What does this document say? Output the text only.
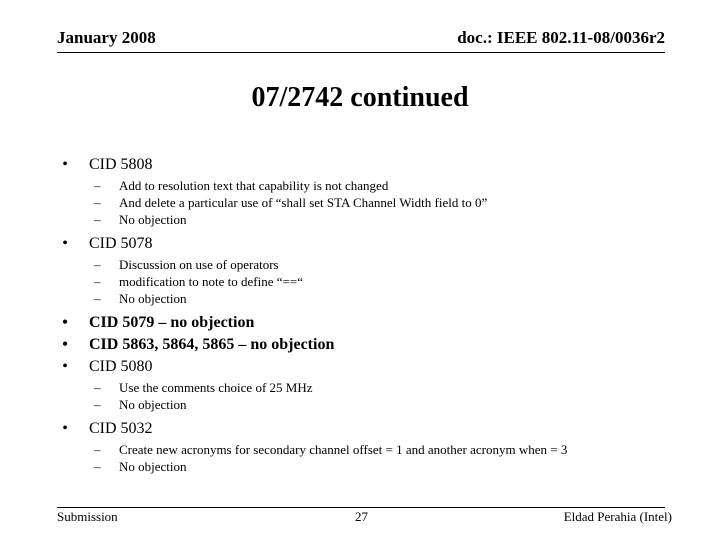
January 2008	doc.: IEEE 802.11-08/0036r2
07/2742 continued
•	CID 5808
– Add to resolution text that capability is not changed
– And delete a particular use of “shall set STA Channel Width field to 0”
– No objection
•	CID 5078
– Discussion on use of operators
– modification to note to define “==“
– No objection
•	CID 5079 – no objection
•	CID 5863, 5864, 5865 – no objection
•	CID 5080
– Use the comments choice of 25 MHz
– No objection
•	CID 5032
– Create new acronyms for secondary channel offset = 1 and another acronym when = 3
– No objection
Submission	27	Eldad Perahia (Intel)
